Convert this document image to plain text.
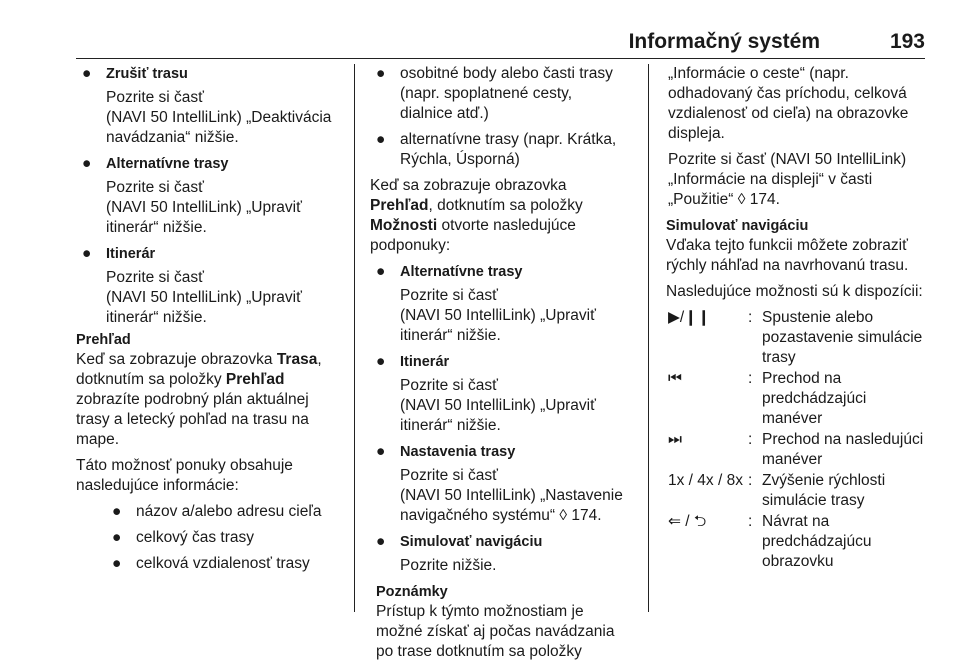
Informačný systém	193
● Zrušiť trasu
Pozrite si časť
(NAVI 50 IntelliLink) „Deaktivácia
navádzania“ nižšie.
● Alternatívne trasy
Pozrite si časť
(NAVI 50 IntelliLink) „Upraviť
itinerár“ nižšie.
● Itinerár
Pozrite si časť
(NAVI 50 IntelliLink) „Upraviť
itinerár“ nižšie.
Prehľad

Keď sa zobrazuje obrazovka Trasa,
dotknutím sa položky Prehľad
zobrazíte podrobný plán aktuálnej
trasy a letecký pohľad na trasu na
mape.

Táto možnosť ponuky obsahuje
nasledujúce informácie:

● názov a/alebo adresu cieľa
● celkový čas trasy
● celková vzdialenosť trasy
● osobitné body alebo časti trasy
(napr. spoplatnené cesty,
dialnice atď.)
● alternatívne trasy (napr. Krátka,
Rýchla, Úsporná)

Keď sa zobrazuje obrazovka
Prehľad, dotknutím sa položky
Možnosti otvorte nasledujúce
podponuky:

● Alternatívne trasy
Pozrite si časť
(NAVI 50 IntelliLink) „Upraviť
itinerár“ nižšie.
● Itinerár
Pozrite si časť
(NAVI 50 IntelliLink) „Upraviť
itinerár“ nižšie.
● Nastavenia trasy
Pozrite si časť
(NAVI 50 IntelliLink) „Nastavenie
navigačného systému“ ◊ 174.
● Simulovať navigáciu
Pozrite nižšie.
Poznámky
Prístup k týmto možnostiam je
možné získať aj počas navádzania
po trase dotknutím sa položky

„Informácie o ceste“ (napr.
odhadovaný čas príchodu, celková
vzdialenosť od cieľa) na obrazovke
displeja.

Pozrite si časť (NAVI 50 IntelliLink)
„Informácie na displeji“ v časti
„Použitie“ ◊ 174.

Simulovať navigáciu

Vďaka tejto funkcii môžete zobraziť
rýchly náhľad na navrhovanú trasu.

Nasledujúce možnosti sú k dispozícii:

▶/❙❙	: Spustenie alebo
pozastavenie simulácie
trasy
⏮	: Prechod na
predchádzajúci
manéver
⏭	: Prechod na nasledujúci
manéver
1x / 4x / 8x : Zvýšenie rýchlosti
simulácie trasy
⇐ / ⮌	: Návrat na
predchádzajúcu
obrazovku
